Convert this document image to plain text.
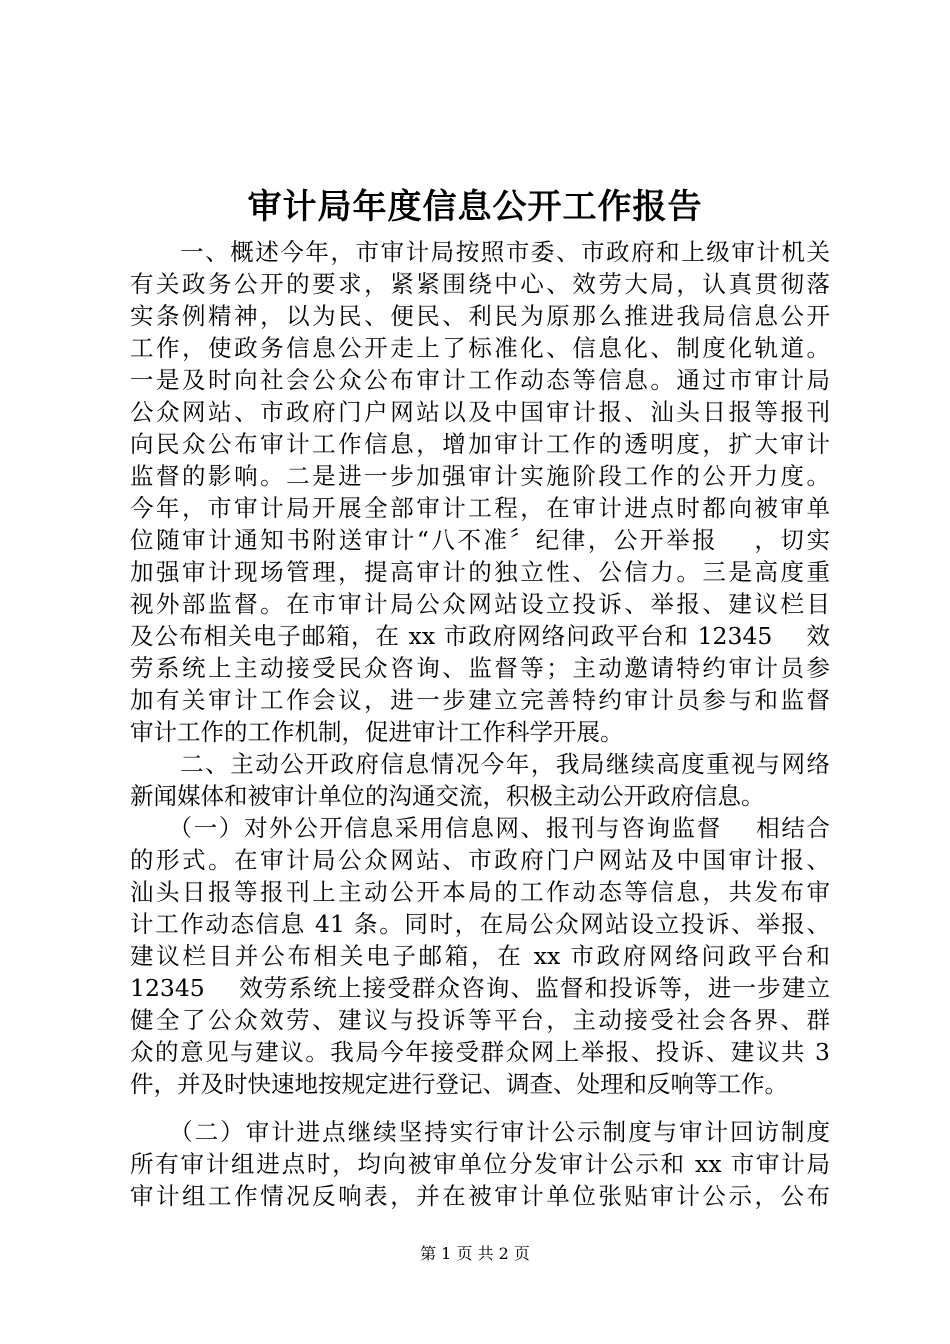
审计局年度信息公开工作报告

　　一、概述今年，市审计局按照市委、市政府和上级审计机关

有关政务公开的要求，紧紧围绕中心、效劳大局，认真贯彻落

实条例精神，以为民、便民、利民为原那么推进我局信息公开

工作，使政务信息公开走上了标准化、信息化、制度化轨道。

一是及时向社会公众公布审计工作动态等信息。通过市审计局

公众网站、市政府门户网站以及中国审计报、汕头日报等报刊

向民众公布审计工作信息，增加审计工作的透明度，扩大审计

监督的影响。二是进一步加强审计实施阶段工作的公开力度。

今年，市审计局开展全部审计工程，在审计进点时都向被审单

位随审计通知书附送审计“八不准〞纪律，公开举报　 ，切实

加强审计现场管理，提高审计的独立性、公信力。三是高度重

视外部监督。在市审计局公众网站设立投诉、举报、建议栏目

及公布相关电子邮箱，在 xx 市政府网络问政平台和 12345　 效

劳系统上主动接受民众咨询、监督等；主动邀请特约审计员参

加有关审计工作会议，进一步建立完善特约审计员参与和监督

审计工作的工作机制，促进审计工作科学开展。

　　二、主动公开政府信息情况今年，我局继续高度重视与网络

新闻媒体和被审计单位的沟通交流，积极主动公开政府信息。

　　（一）对外公开信息采用信息网、报刊与咨询监督　 相结合

的形式。在审计局公众网站、市政府门户网站及中国审计报、

汕头日报等报刊上主动公开本局的工作动态等信息，共发布审

计工作动态信息 41 条。同时，在局公众网站设立投诉、举报、

建议栏目并公布相关电子邮箱，在 xx 市政府网络问政平台和

12345　 效劳系统上接受群众咨询、监督和投诉等，进一步建立

健全了公众效劳、建议与投诉等平台，主动接受社会各界、群

众的意见与建议。我局今年接受群众网上举报、投诉、建议共 3

件，并及时快速地按规定进行登记、调查、处理和反响等工作。

　　（二）审计进点继续坚持实行审计公示制度与审计回访制度

所有审计组进点时，均向被审单位分发审计公示和 xx 市审计局

审计组工作情况反响表，并在被审计单位张贴审计公示，公布

第 1 页 共 2 页
